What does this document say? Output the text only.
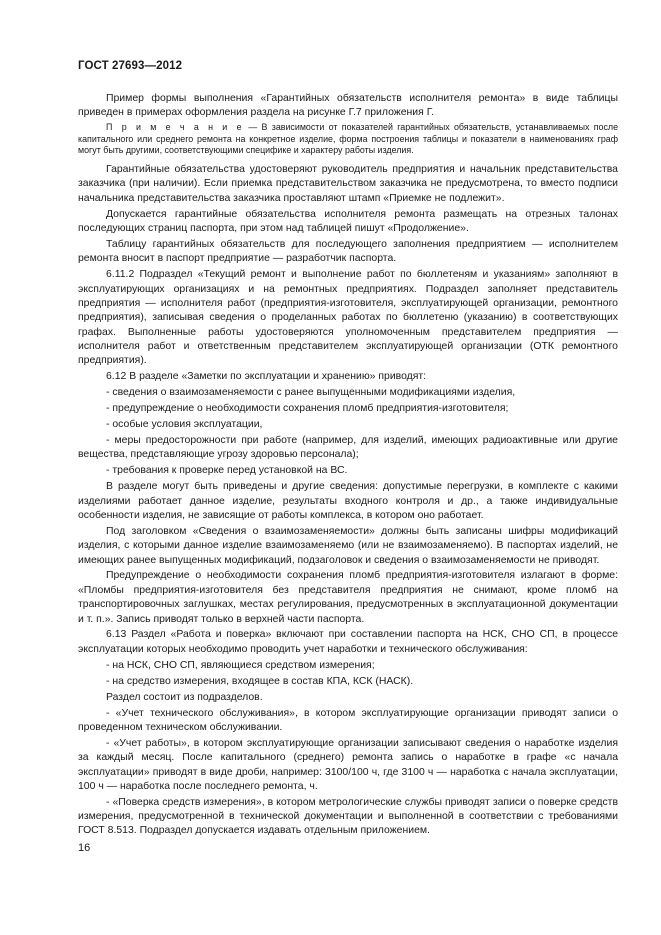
ГОСТ 27693—2012

Пример формы выполнения «Гарантийных обязательств исполнителя ремонта» в виде таблицы приведен в примерах оформления раздела на рисунке Г.7 приложения Г.

П р и м е ч а н и е — В зависимости от показателей гарантийных обязательств, устанавливаемых после капитального или среднего ремонта на конкретное изделие, форма построения таблицы и показатели в наименованиях граф могут быть другими, соответствующими специфике и характеру работы изделия.

Гарантийные обязательства удостоверяют руководитель предприятия и начальник представительства заказчика (при наличии). Если приемка представительством заказчика не предусмотрена, то вместо подписи начальника представительства заказчика проставляют штамп «Приемке не подлежит».

Допускается гарантийные обязательства исполнителя ремонта размещать на отрезных талонах последующих страниц паспорта, при этом над таблицей пишут «Продолжение».

Таблицу гарантийных обязательств для последующего заполнения предприятием — исполнителем ремонта вносит в паспорт предприятие — разработчик паспорта.

6.11.2 Подраздел «Текущий ремонт и выполнение работ по бюллетеням и указаниям» заполняют в эксплуатирующих организациях и на ремонтных предприятиях. Подраздел заполняет представитель предприятия — исполнителя работ (предприятия-изготовителя, эксплуатирующей организации, ремонтного предприятия), записывая сведения о проделанных работах по бюллетеню (указанию) в соответствующих графах. Выполненные работы удостоверяются уполномоченным представителем предприятия — исполнителя работ и ответственным представителем эксплуатирующей организации (ОТК ремонтного предприятия).

6.12 В разделе «Заметки по эксплуатации и хранению» приводят:

- сведения о взаимозаменяемости с ранее выпущенными модификациями изделия,

- предупреждение о необходимости сохранения пломб предприятия-изготовителя;

- особые условия эксплуатации,

- меры предосторожности при работе (например, для изделий, имеющих радиоактивные или другие вещества, представляющие угрозу здоровью персонала);

- требования к проверке перед установкой на ВС.

В разделе могут быть приведены и другие сведения: допустимые перегрузки, в комплекте с какими изделиями работает данное изделие, результаты входного контроля и др., а также индивидуальные особенности изделия, не зависящие от работы комплекса, в котором оно работает.

Под заголовком «Сведения о взаимозаменяемости» должны быть записаны шифры модификаций изделия, с которыми данное изделие взаимозаменяемо (или не взаимозаменяемо). В паспортах изделий, не имеющих ранее выпущенных модификаций, подзаголовок и сведения о взаимозаменяемости не приводят.

Предупреждение о необходимости сохранения пломб предприятия-изготовителя излагают в форме: «Пломбы предприятия-изготовителя без представителя предприятия не снимают, кроме пломб на транспортировочных заглушках, местах регулирования, предусмотренных в эксплуатационной документации и т. п.». Запись приводят только в верхней части паспорта.

6.13 Раздел «Работа и поверка» включают при составлении паспорта на НСК, СНО СП, в процессе эксплуатации которых необходимо проводить учет наработки и технического обслуживания:

- на НСК, СНО СП, являющиеся средством измерения;

- на средство измерения, входящее в состав КПА, КСК (НАСК).

Раздел состоит из подразделов.

- «Учет технического обслуживания», в котором эксплуатирующие организации приводят записи о проведенном техническом обслуживании.

- «Учет работы», в котором эксплуатирующие организации записывают сведения о наработке изделия за каждый месяц. После капитального (среднего) ремонта запись о наработке в графе «с начала эксплуатации» приводят в виде дроби, например: 3100/100 ч, где 3100 ч — наработка с начала эксплуатации, 100 ч — наработка после последнего ремонта, ч.

- «Поверка средств измерения», в котором метрологические службы приводят записи о поверке средств измерения, предусмотренной в технической документации и выполненной в соответствии с требованиями ГОСТ 8.513. Подраздел допускается издавать отдельным приложением.

16
